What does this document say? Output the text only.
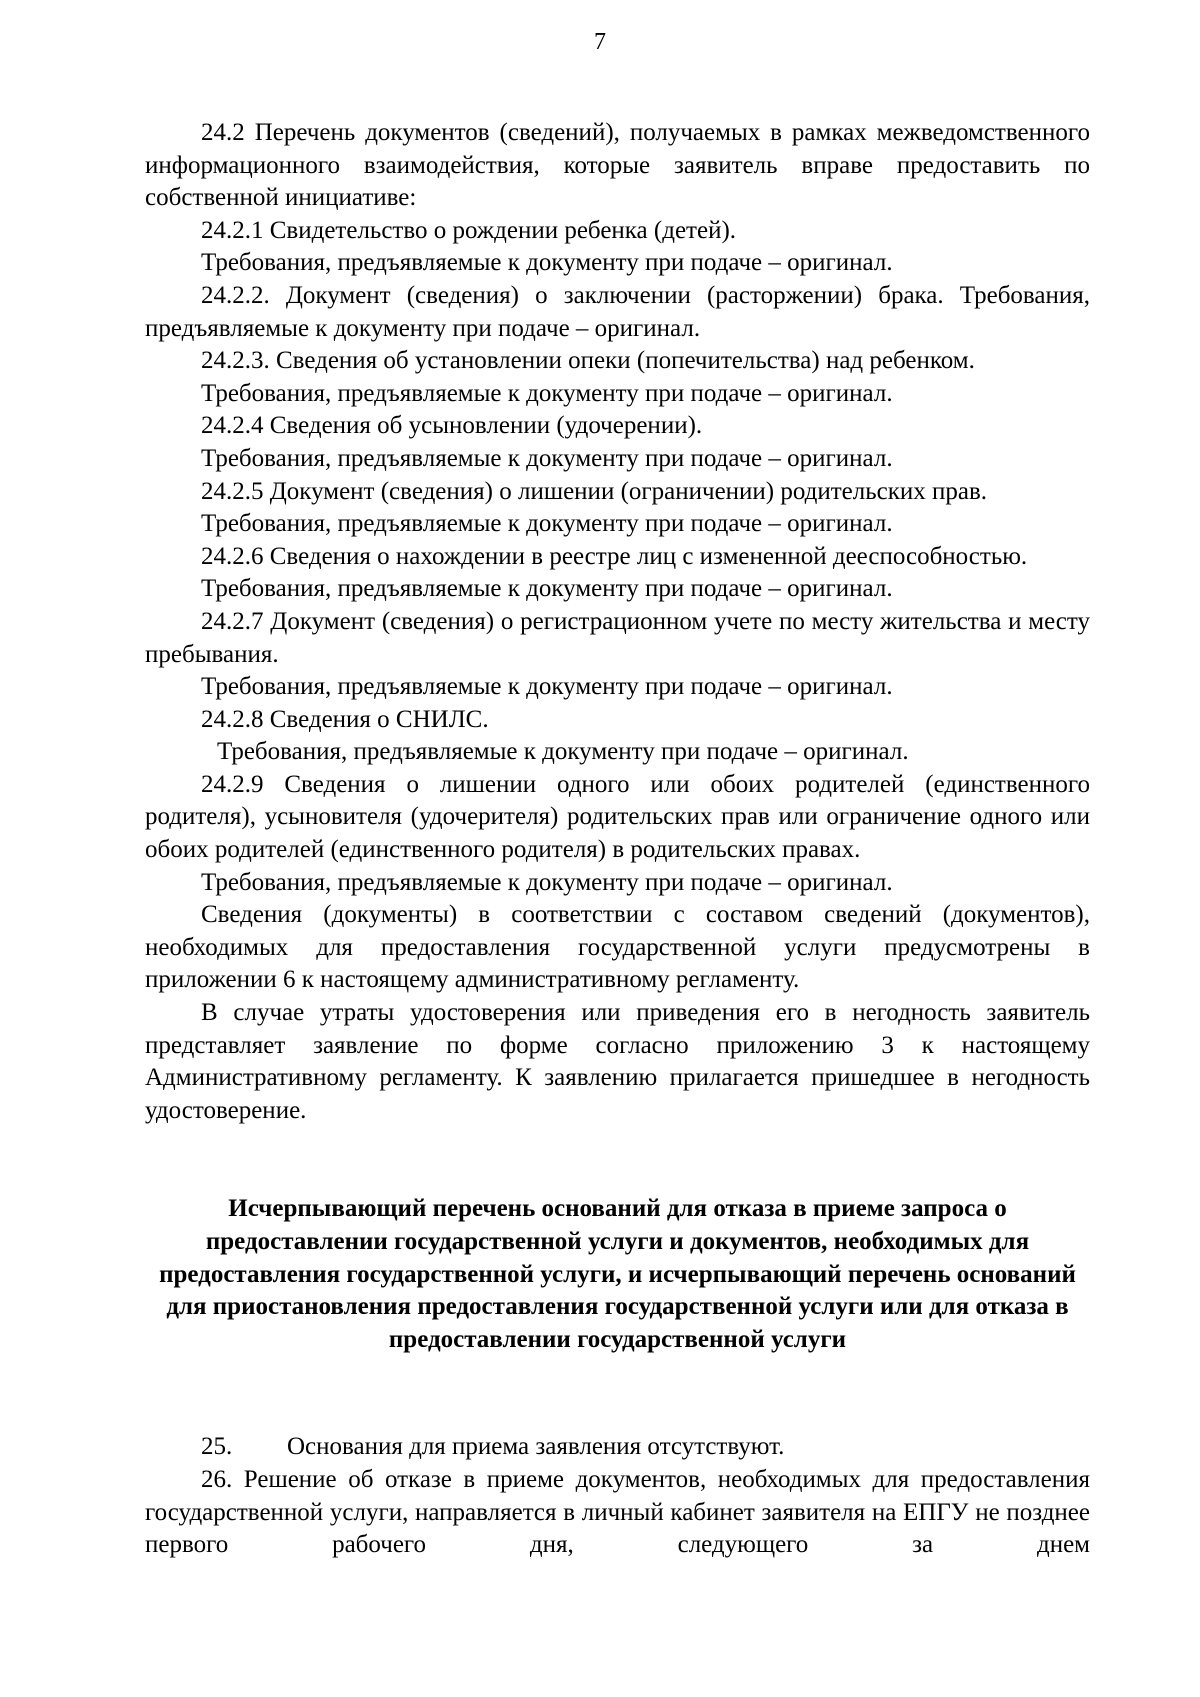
7

24.2 Перечень документов (сведений), получаемых в рамках межведомственного информационного взаимодействия, которые заявитель вправе предоставить по собственной инициативе:

24.2.1 Свидетельство о рождении ребенка (детей).

Требования, предъявляемые к документу при подаче – оригинал.

24.2.2. Документ (сведения) о заключении (расторжении) брака. Требования, предъявляемые к документу при подаче – оригинал.

24.2.3. Сведения об установлении опеки (попечительства) над ребенком.

Требования, предъявляемые к документу при подаче – оригинал.

24.2.4 Сведения об усыновлении (удочерении).

Требования, предъявляемые к документу при подаче – оригинал.

24.2.5 Документ (сведения) о лишении (ограничении) родительских прав.

Требования, предъявляемые к документу при подаче – оригинал.

24.2.6 Сведения о нахождении в реестре лиц с измененной дееспособностью.

Требования, предъявляемые к документу при подаче – оригинал.

24.2.7 Документ (сведения) о регистрационном учете по месту жительства и месту пребывания.

Требования, предъявляемые к документу при подаче – оригинал.

24.2.8 Сведения о СНИЛС.

Требования, предъявляемые к документу при подаче – оригинал.

24.2.9 Сведения о лишении одного или обоих родителей (единственного родителя), усыновителя (удочерителя) родительских прав или ограничение одного или обоих родителей (единственного родителя) в родительских правах.

Требования, предъявляемые к документу при подаче – оригинал.

Сведения (документы) в соответствии с составом сведений (документов), необходимых для предоставления государственной услуги предусмотрены в приложении 6 к настоящему административному регламенту.

В случае утраты удостоверения или приведения его в негодность заявитель представляет заявление по форме согласно приложению 3 к настоящему Административному регламенту. К заявлению прилагается пришедшее в негодность удостоверение.

Исчерпывающий перечень оснований для отказа в приеме запроса о предоставлении государственной услуги и документов, необходимых для предоставления государственной услуги, и исчерпывающий перечень оснований для приостановления предоставления государственной услуги или для отказа в предоставлении государственной услуги

25. Основания для приема заявления отсутствуют.

26. Решение об отказе в приеме документов, необходимых для предоставления государственной услуги, направляется в личный кабинет заявителя на ЕПГУ не позднее первого рабочего дня, следующего за днем
